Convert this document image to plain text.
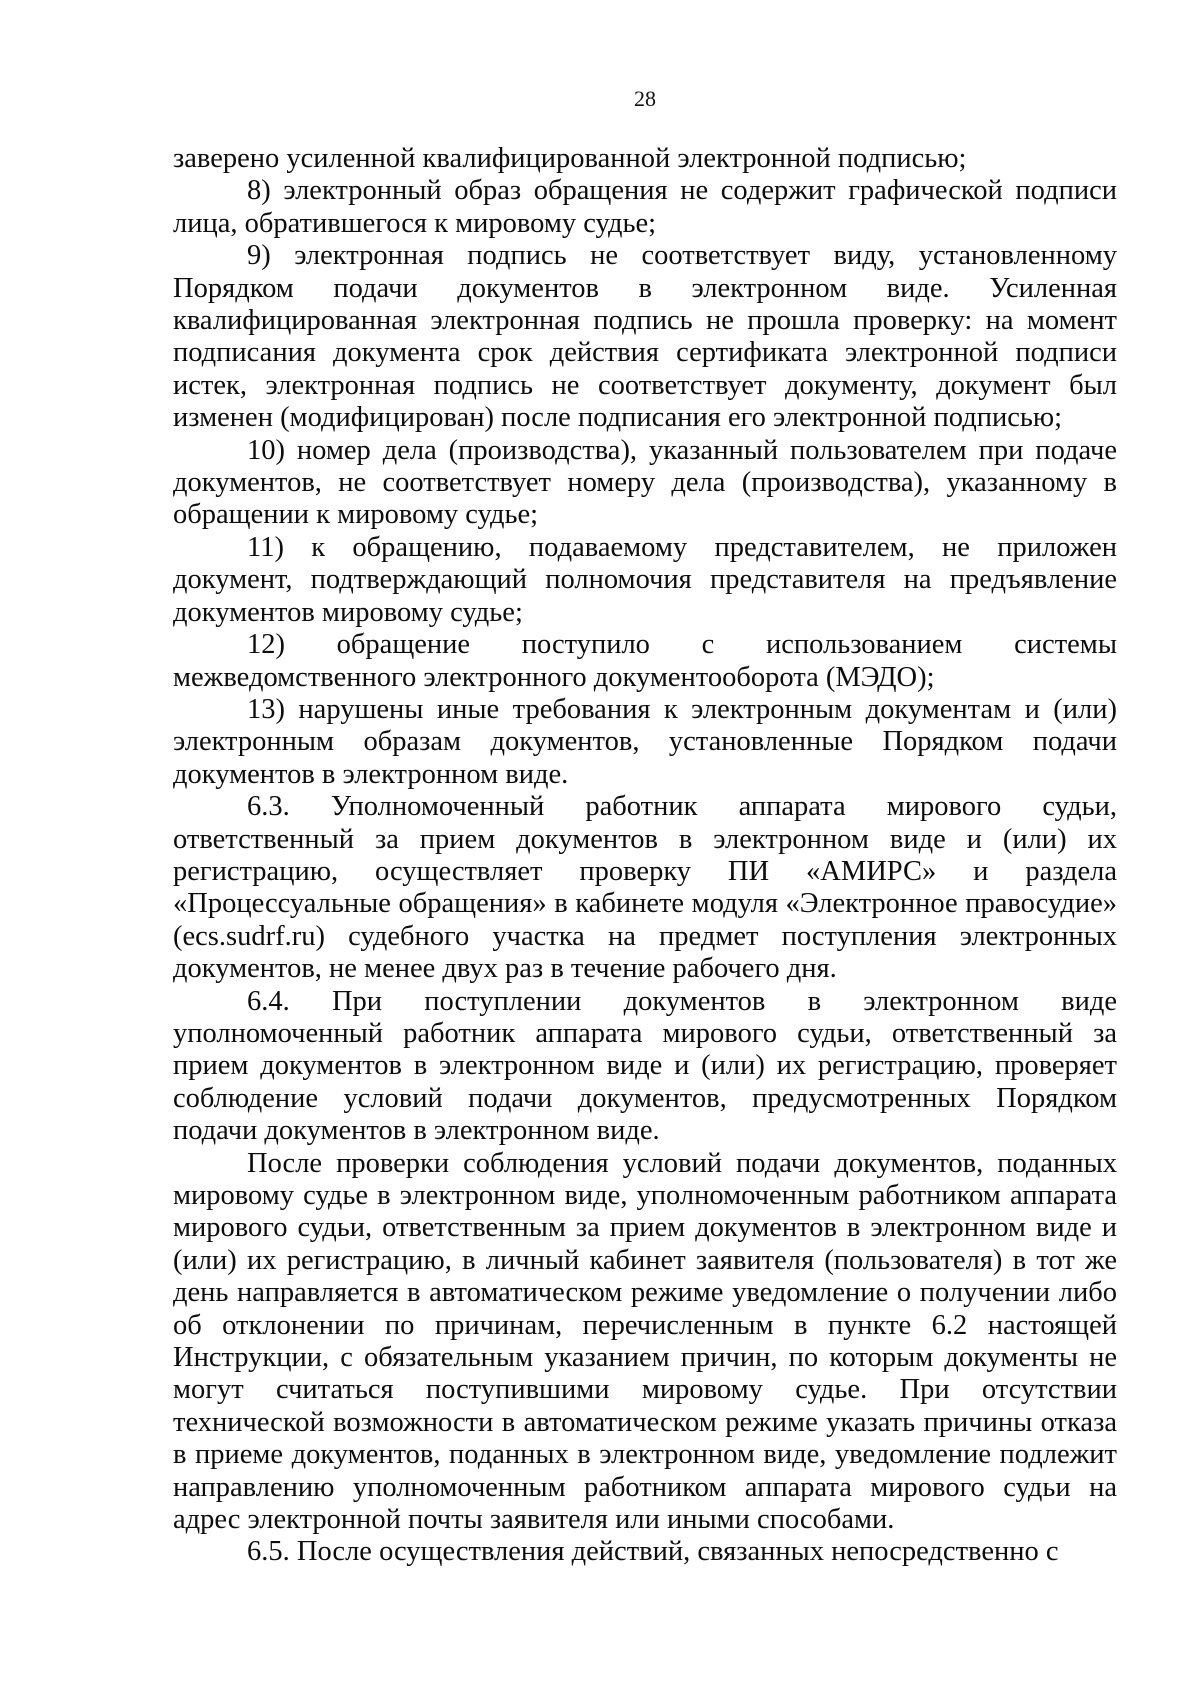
28

заверено усиленной квалифицированной электронной подписью;

8) электронный образ обращения не содержит графической подписи лица, обратившегося к мировому судье;

9) электронная подпись не соответствует виду, установленному Порядком подачи документов в электронном виде. Усиленная квалифицированная электронная подпись не прошла проверку: на момент подписания документа срок действия сертификата электронной подписи истек, электронная подпись не соответствует документу, документ был изменен (модифицирован) после подписания его электронной подписью;

10) номер дела (производства), указанный пользователем при подаче документов, не соответствует номеру дела (производства), указанному в обращении к мировому судье;

11) к обращению, подаваемому представителем, не приложен документ, подтверждающий полномочия представителя на предъявление документов мировому судье;

12) обращение поступило с использованием системы межведомственного электронного документооборота (МЭДО);

13) нарушены иные требования к электронным документам и (или) электронным образам документов, установленные Порядком подачи документов в электронном виде.

6.3. Уполномоченный работник аппарата мирового судьи, ответственный за прием документов в электронном виде и (или) их регистрацию, осуществляет проверку ПИ «АМИРС» и раздела «Процессуальные обращения» в кабинете модуля «Электронное правосудие» (ecs.sudrf.ru) судебного участка на предмет поступления электронных документов, не менее двух раз в течение рабочего дня.

6.4. При поступлении документов в электронном виде уполномоченный работник аппарата мирового судьи, ответственный за прием документов в электронном виде и (или) их регистрацию, проверяет соблюдение условий подачи документов, предусмотренных Порядком подачи документов в электронном виде.

После проверки соблюдения условий подачи документов, поданных мировому судье в электронном виде, уполномоченным работником аппарата мирового судьи, ответственным за прием документов в электронном виде и (или) их регистрацию, в личный кабинет заявителя (пользователя) в тот же день направляется в автоматическом режиме уведомление о получении либо об отклонении по причинам, перечисленным в пункте 6.2 настоящей Инструкции, с обязательным указанием причин, по которым документы не могут считаться поступившими мировому судье. При отсутствии технической возможности в автоматическом режиме указать причины отказа в приеме документов, поданных в электронном виде, уведомление подлежит направлению уполномоченным работником аппарата мирового судьи на адрес электронной почты заявителя или иными способами.

6.5. После осуществления действий, связанных непосредственно с
